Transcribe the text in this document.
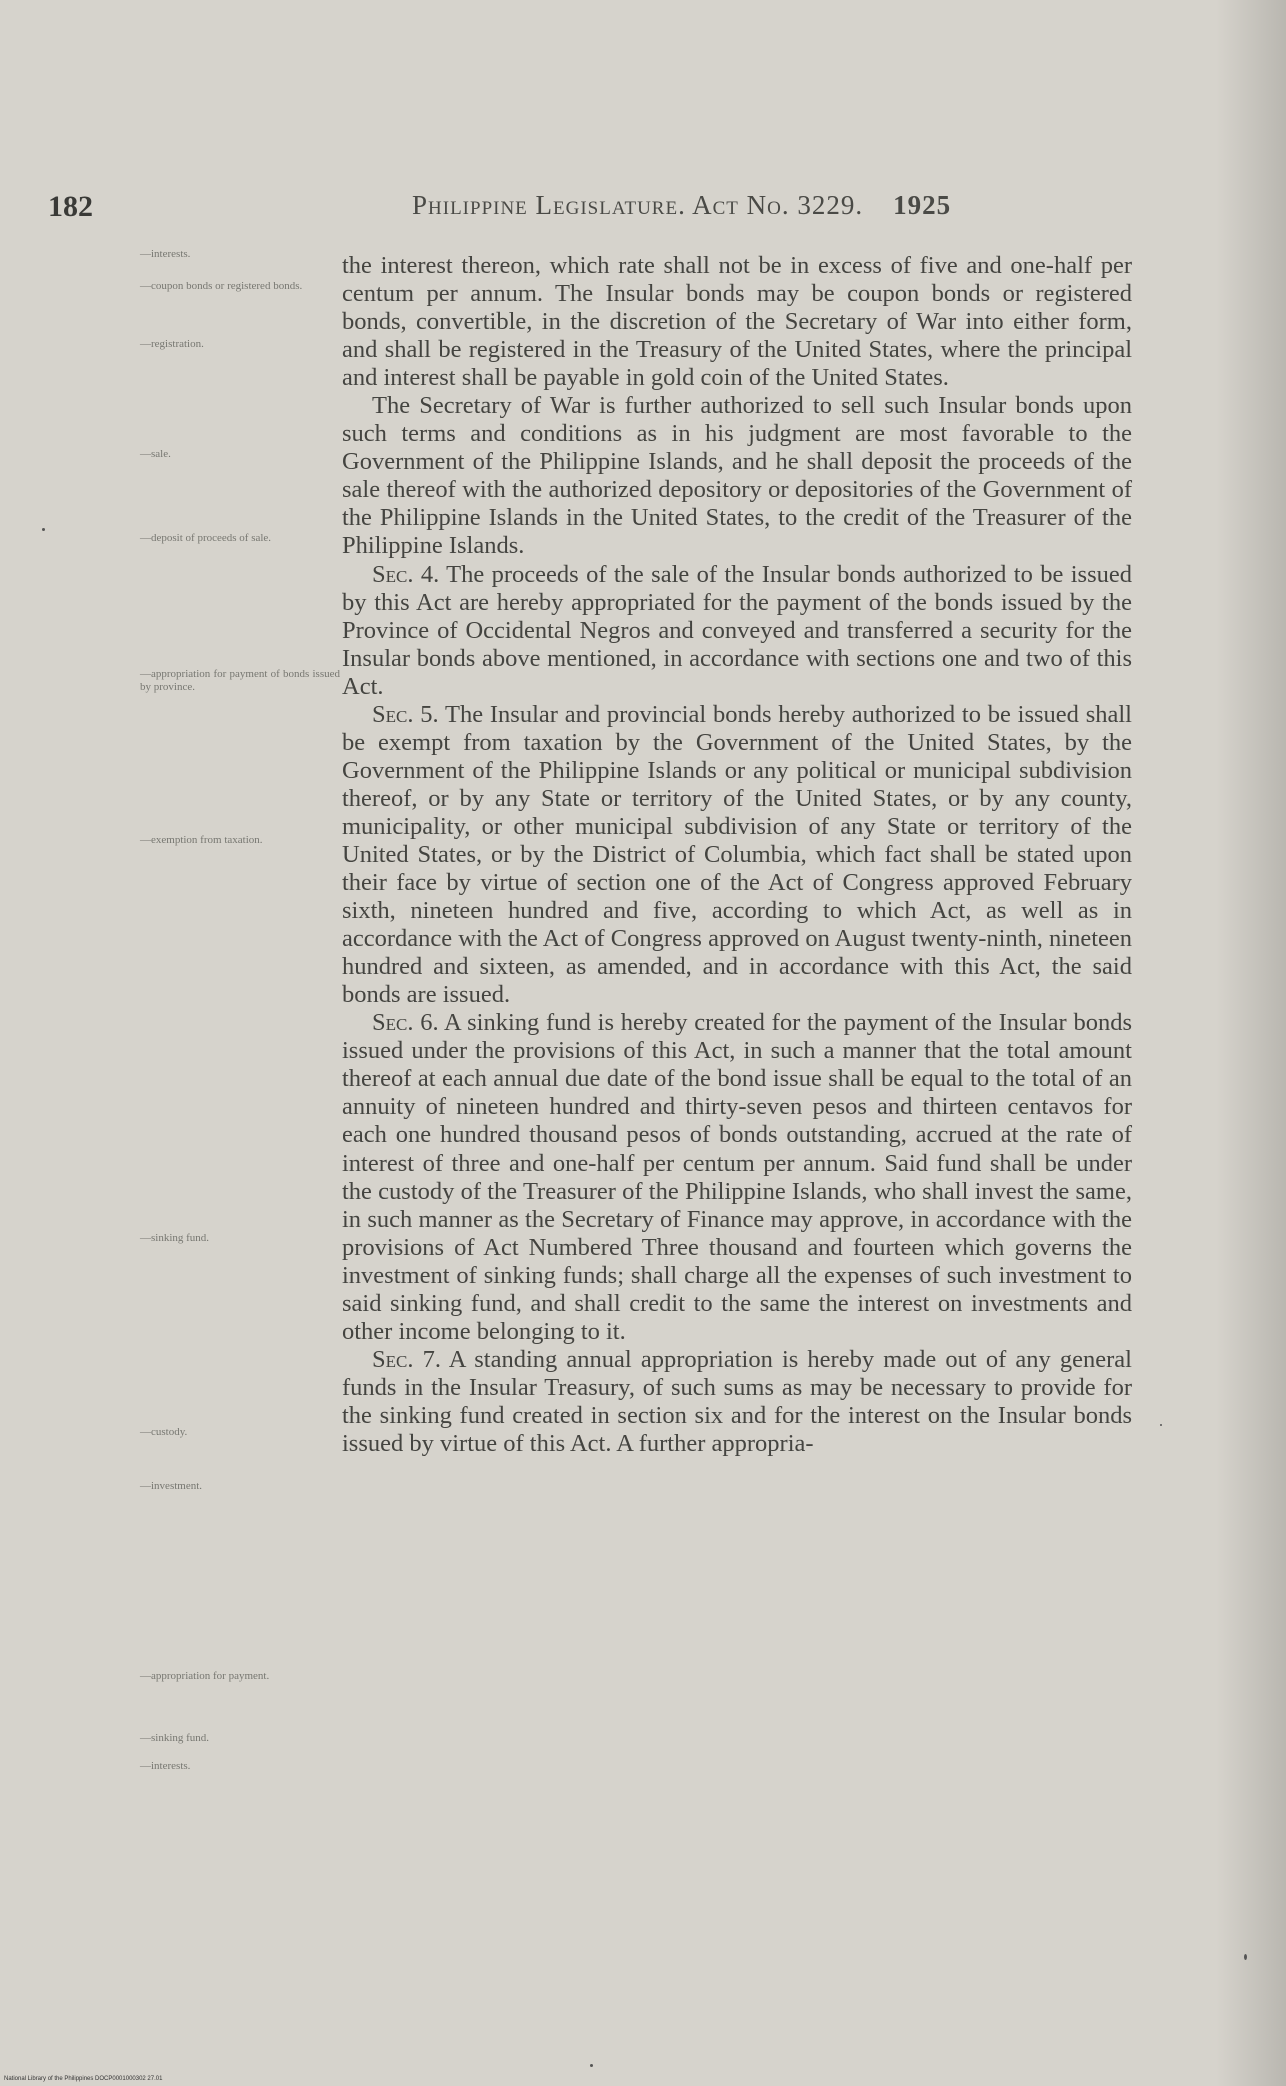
182	Philippine Legislature. Act No. 3229. 1925
—interests.
—coupon bonds or registered bonds.
—registration.
—sale.
—deposit of proceeds of sale.
—appropriation for payment of bonds issued by province.
—exemption from taxation.
—sinking fund.
—custody.
—investment.
—appropriation for payment.
—sinking fund.
—interests.

the interest thereon, which rate shall not be in excess of five and one-half per centum per annum. The Insular bonds may be coupon bonds or registered bonds, convertible, in the discretion of the Secretary of War into either form, and shall be registered in the Treasury of the United States, where the principal and interest shall be payable in gold coin of the United States.

The Secretary of War is further authorized to sell such Insular bonds upon such terms and conditions as in his judgment are most favorable to the Government of the Philippine Islands, and he shall deposit the proceeds of the sale thereof with the authorized depository or depositories of the Government of the Philippine Islands in the United States, to the credit of the Treasurer of the Philippine Islands.

Sec. 4. The proceeds of the sale of the Insular bonds authorized to be issued by this Act are hereby appropriated for the payment of the bonds issued by the Province of Occidental Negros and conveyed and transferred a security for the Insular bonds above mentioned, in accordance with sections one and two of this Act.

Sec. 5. The Insular and provincial bonds hereby authorized to be issued shall be exempt from taxation by the Government of the United States, by the Government of the Philippine Islands or any political or municipal subdivision thereof, or by any State or territory of the United States, or by any county, municipality, or other municipal subdivision of any State or territory of the United States, or by the District of Columbia, which fact shall be stated upon their face by virtue of section one of the Act of Congress approved February sixth, nineteen hundred and five, according to which Act, as well as in accordance with the Act of Congress approved on August twenty-ninth, nineteen hundred and sixteen, as amended, and in accordance with this Act, the said bonds are issued.

Sec. 6. A sinking fund is hereby created for the payment of the Insular bonds issued under the provisions of this Act, in such a manner that the total amount thereof at each annual due date of the bond issue shall be equal to the total of an annuity of nineteen hundred and thirty-seven pesos and thirteen centavos for each one hundred thousand pesos of bonds outstanding, accrued at the rate of interest of three and one-half per centum per annum. Said fund shall be under the custody of the Treasurer of the Philippine Islands, who shall invest the same, in such manner as the Secretary of Finance may approve, in accordance with the provisions of Act Numbered Three thousand and fourteen which governs the investment of sinking funds; shall charge all the expenses of such investment to said sinking fund, and shall credit to the same the interest on investments and other income belonging to it.

Sec. 7. A standing annual appropriation is hereby made out of any general funds in the Insular Treasury, of such sums as may be necessary to provide for the sinking fund created in section six and for the interest on the Insular bonds issued by virtue of this Act. A further appropria-

National Library of the Philippines DOCP0001000302 27.01
